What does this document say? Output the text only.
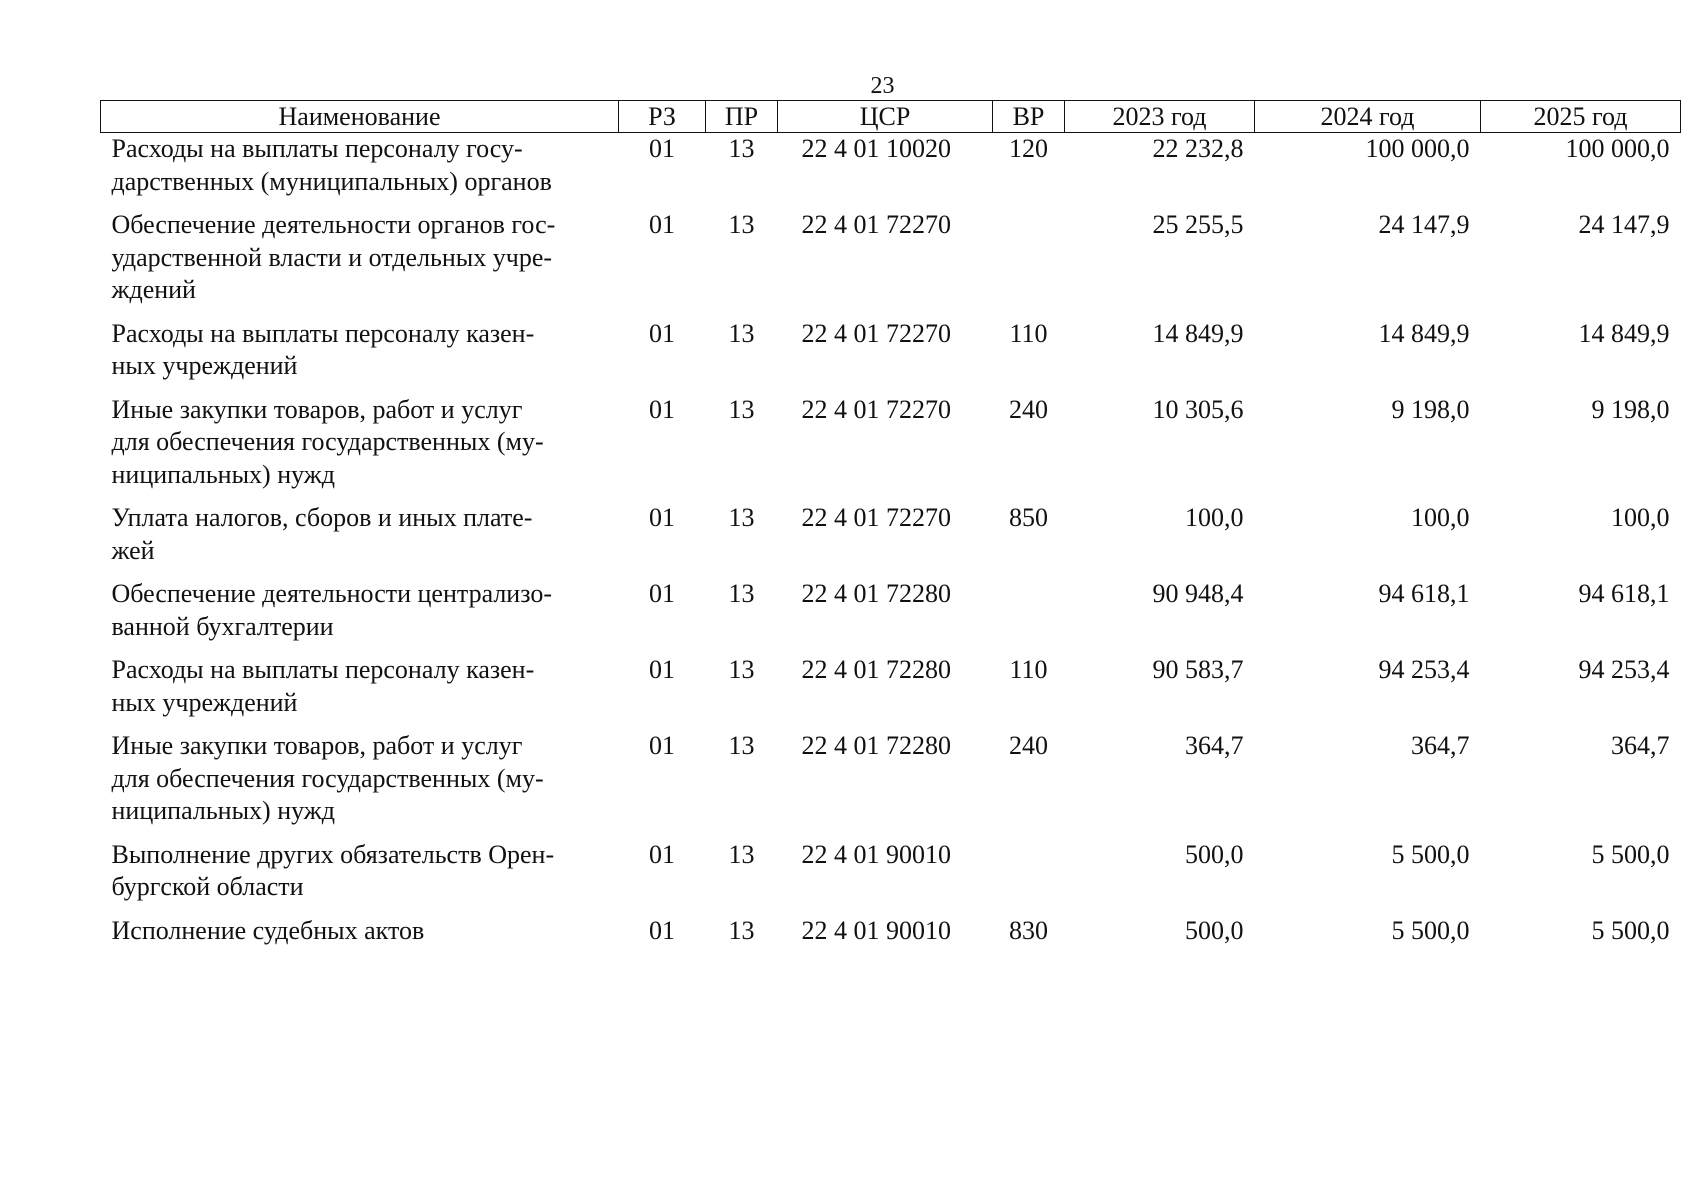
23
Наименование	РЗ	ПР	ЦСР	ВР	2023 год	2024 год	2025 год

Расходы на выплаты персоналу госу-
дарственных (муниципальных) органов	01	13	22 4 01 10020	120	22 232,8	100 000,0	100 000,0

Обеспечение деятельности органов гос-
ударственной власти и отдельных учре-
ждений	01	13	22 4 01 72270		25 255,5	24 147,9	24 147,9

Расходы на выплаты персоналу казен-
ных учреждений	01	13	22 4 01 72270	110	14 849,9	14 849,9	14 849,9

Иные закупки товаров, работ и услуг
для обеспечения государственных (му-
ниципальных) нужд	01	13	22 4 01 72270	240	10 305,6	9 198,0	9 198,0

Уплата налогов, сборов и иных плате-
жей	01	13	22 4 01 72270	850	100,0	100,0	100,0

Обеспечение деятельности централизо-
ванной бухгалтерии	01	13	22 4 01 72280		90 948,4	94 618,1	94 618,1

Расходы на выплаты персоналу казен-
ных учреждений	01	13	22 4 01 72280	110	90 583,7	94 253,4	94 253,4

Иные закупки товаров, работ и услуг
для обеспечения государственных (му-
ниципальных) нужд	01	13	22 4 01 72280	240	364,7	364,7	364,7

Выполнение других обязательств Орен-
бургской области	01	13	22 4 01 90010		500,0	5 500,0	5 500,0

Исполнение судебных актов	01	13	22 4 01 90010	830	500,0	5 500,0	5 500,0
